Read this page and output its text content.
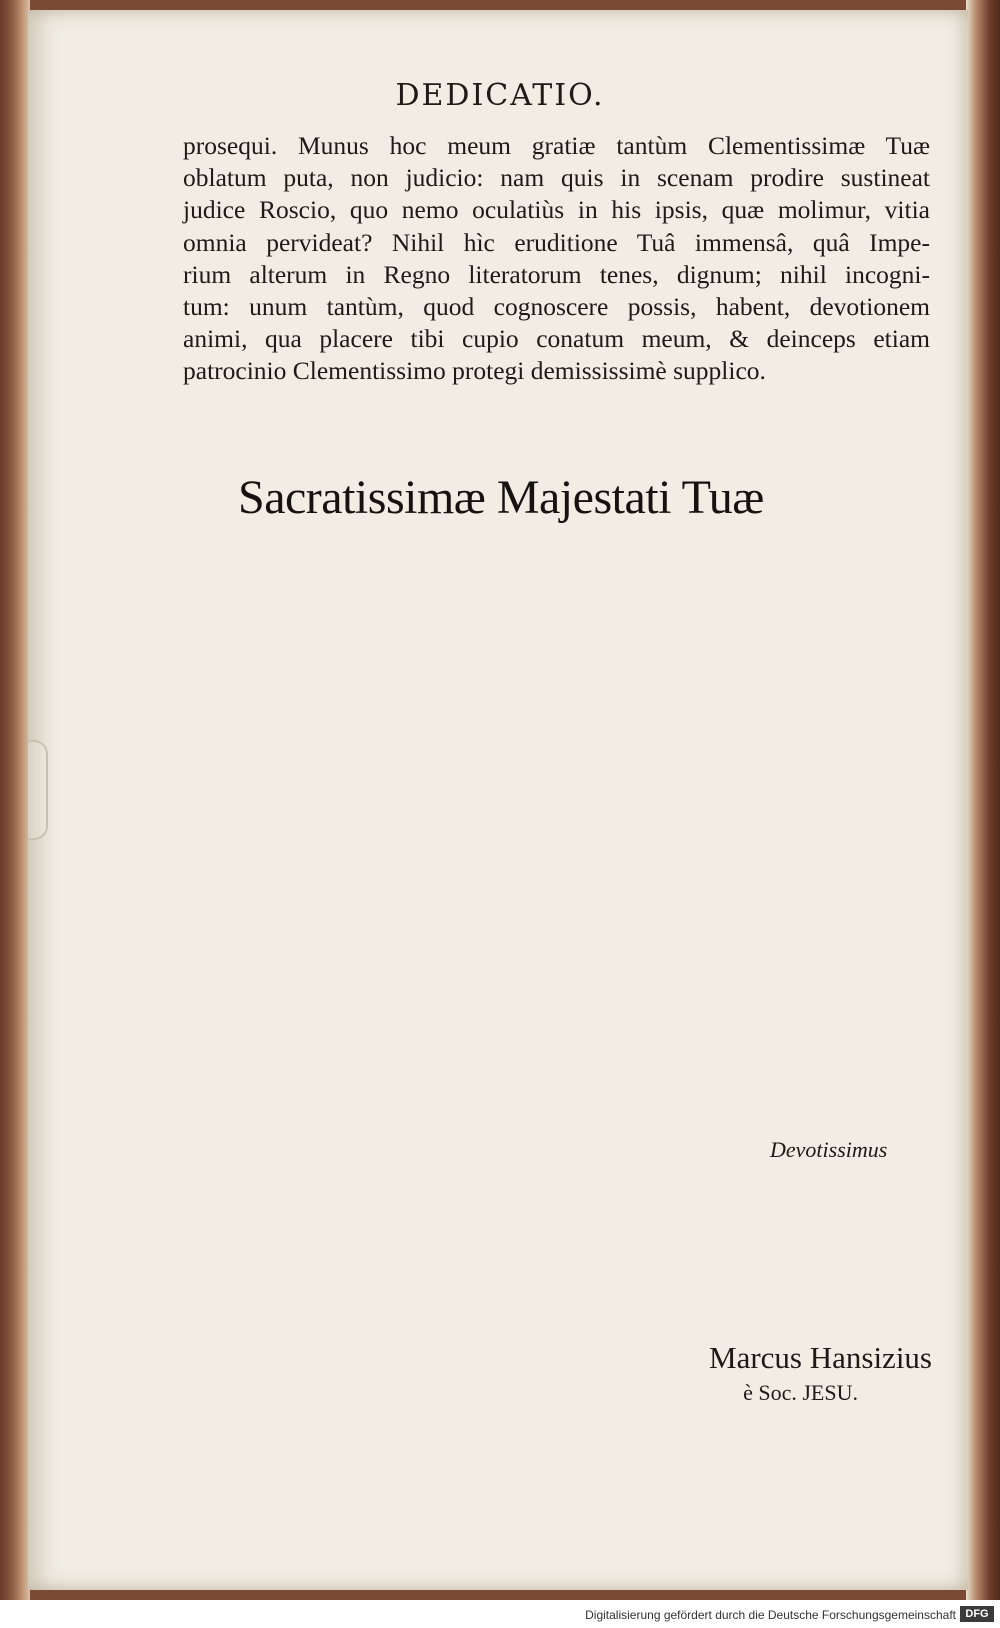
DEDICATIO.
prosequi. Munus hoc meum gratiæ tantùm Clementissimæ Tuæ
oblatum puta, non judicio: nam quis in scenam prodire sustineat
judice Roscio, quo nemo oculatiùs in his ipsis, quæ molimur, vitia
omnia pervideat? Nihil hìc eruditione Tuâ immensâ, quâ Impe-
rium alterum in Regno literatorum tenes, dignum; nihil incogni-
tum: unum tantùm, quod cognoscere possis, habent, devotionem
animi, qua placere tibi cupio conatum meum, & deinceps etiam
patrocinio Clementissimo protegi demississimè supplico.
Sacratissimæ Majestati Tuæ
Devotissimus
Marcus Hansizius
è Soc. JESU.
Digitalisierung gefördert durch die Deutsche Forschungsgemeinschaft DFG
